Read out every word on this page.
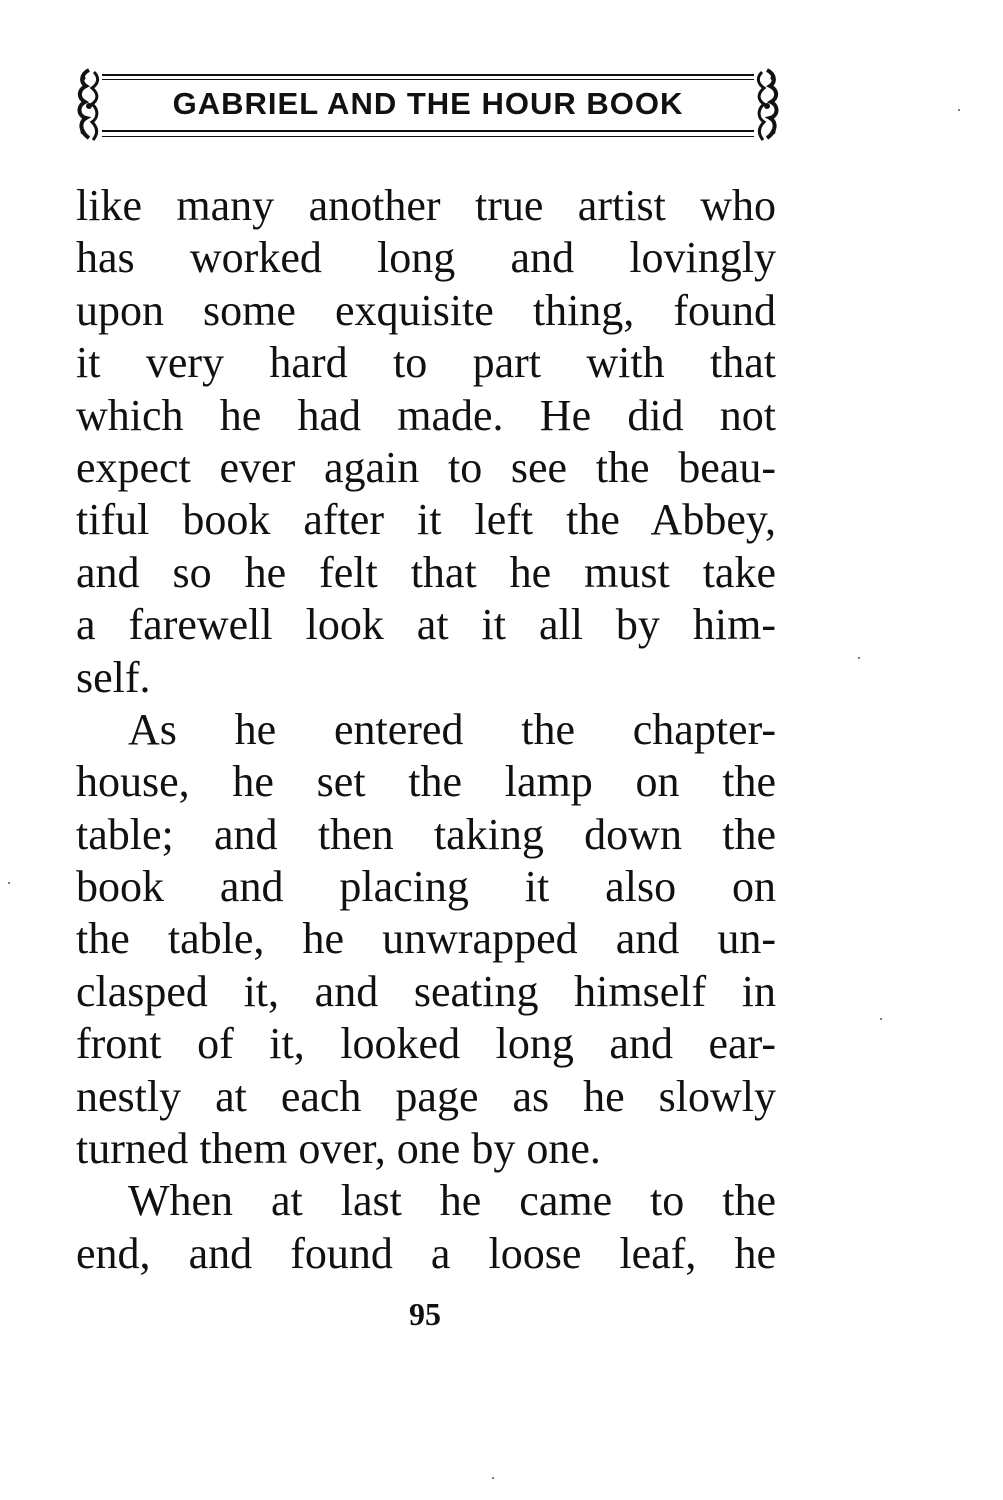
GABRIEL AND THE HOUR BOOK
like many another true artist who
has worked long and lovingly
upon some exquisite thing, found
it very hard to part with that
which he had made. He did not
expect ever again to see the beau-
tiful book after it left the Abbey,
and so he felt that he must take
a farewell look at it all by him-
self.
As he entered the chapter-
house, he set the lamp on the
table; and then taking down the
book and placing it also on
the table, he unwrapped and un-
clasped it, and seating himself in
front of it, looked long and ear-
nestly at each page as he slowly
turned them over, one by one.
When at last he came to the
end, and found a loose leaf, he
95
